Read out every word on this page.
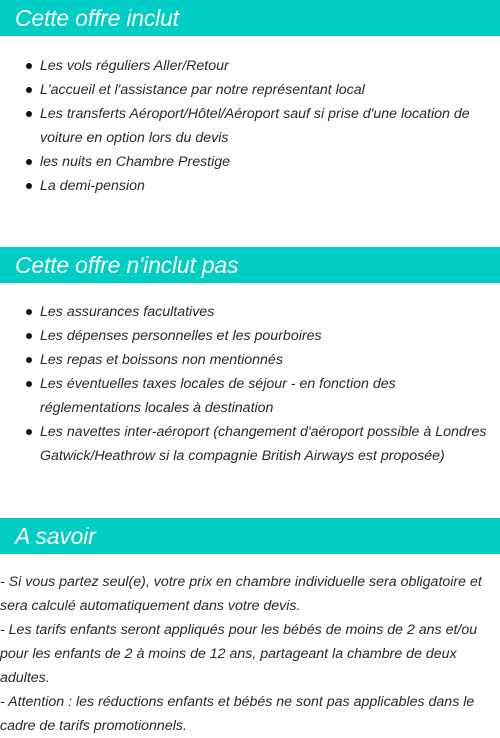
Cette offre inclut
Les vols réguliers Aller/Retour
L'accueil et l'assistance par notre représentant local
Les transferts Aéroport/Hôtel/Aéroport sauf si prise d'une location de voiture en option lors du devis
les nuits en Chambre Prestige
La demi-pension
Cette offre n'inclut pas
Les assurances facultatives
Les dépenses personnelles et les pourboires
Les repas et boissons non mentionnés
Les éventuelles taxes locales de séjour - en fonction des réglementations locales à destination
Les navettes inter-aéroport (changement d'aéroport possible à Londres Gatwick/Heathrow si la compagnie British Airways est proposée)
A savoir

- Si vous partez seul(e), votre prix en chambre individuelle sera obligatoire et sera calculé automatiquement dans votre devis.

- Les tarifs enfants seront appliqués pour les bébés de moins de 2 ans et/ou pour les enfants de 2 à moins de 12 ans, partageant la chambre de deux adultes.

- Attention : les réductions enfants et bébés ne sont pas applicables dans le cadre de tarifs promotionnels.
